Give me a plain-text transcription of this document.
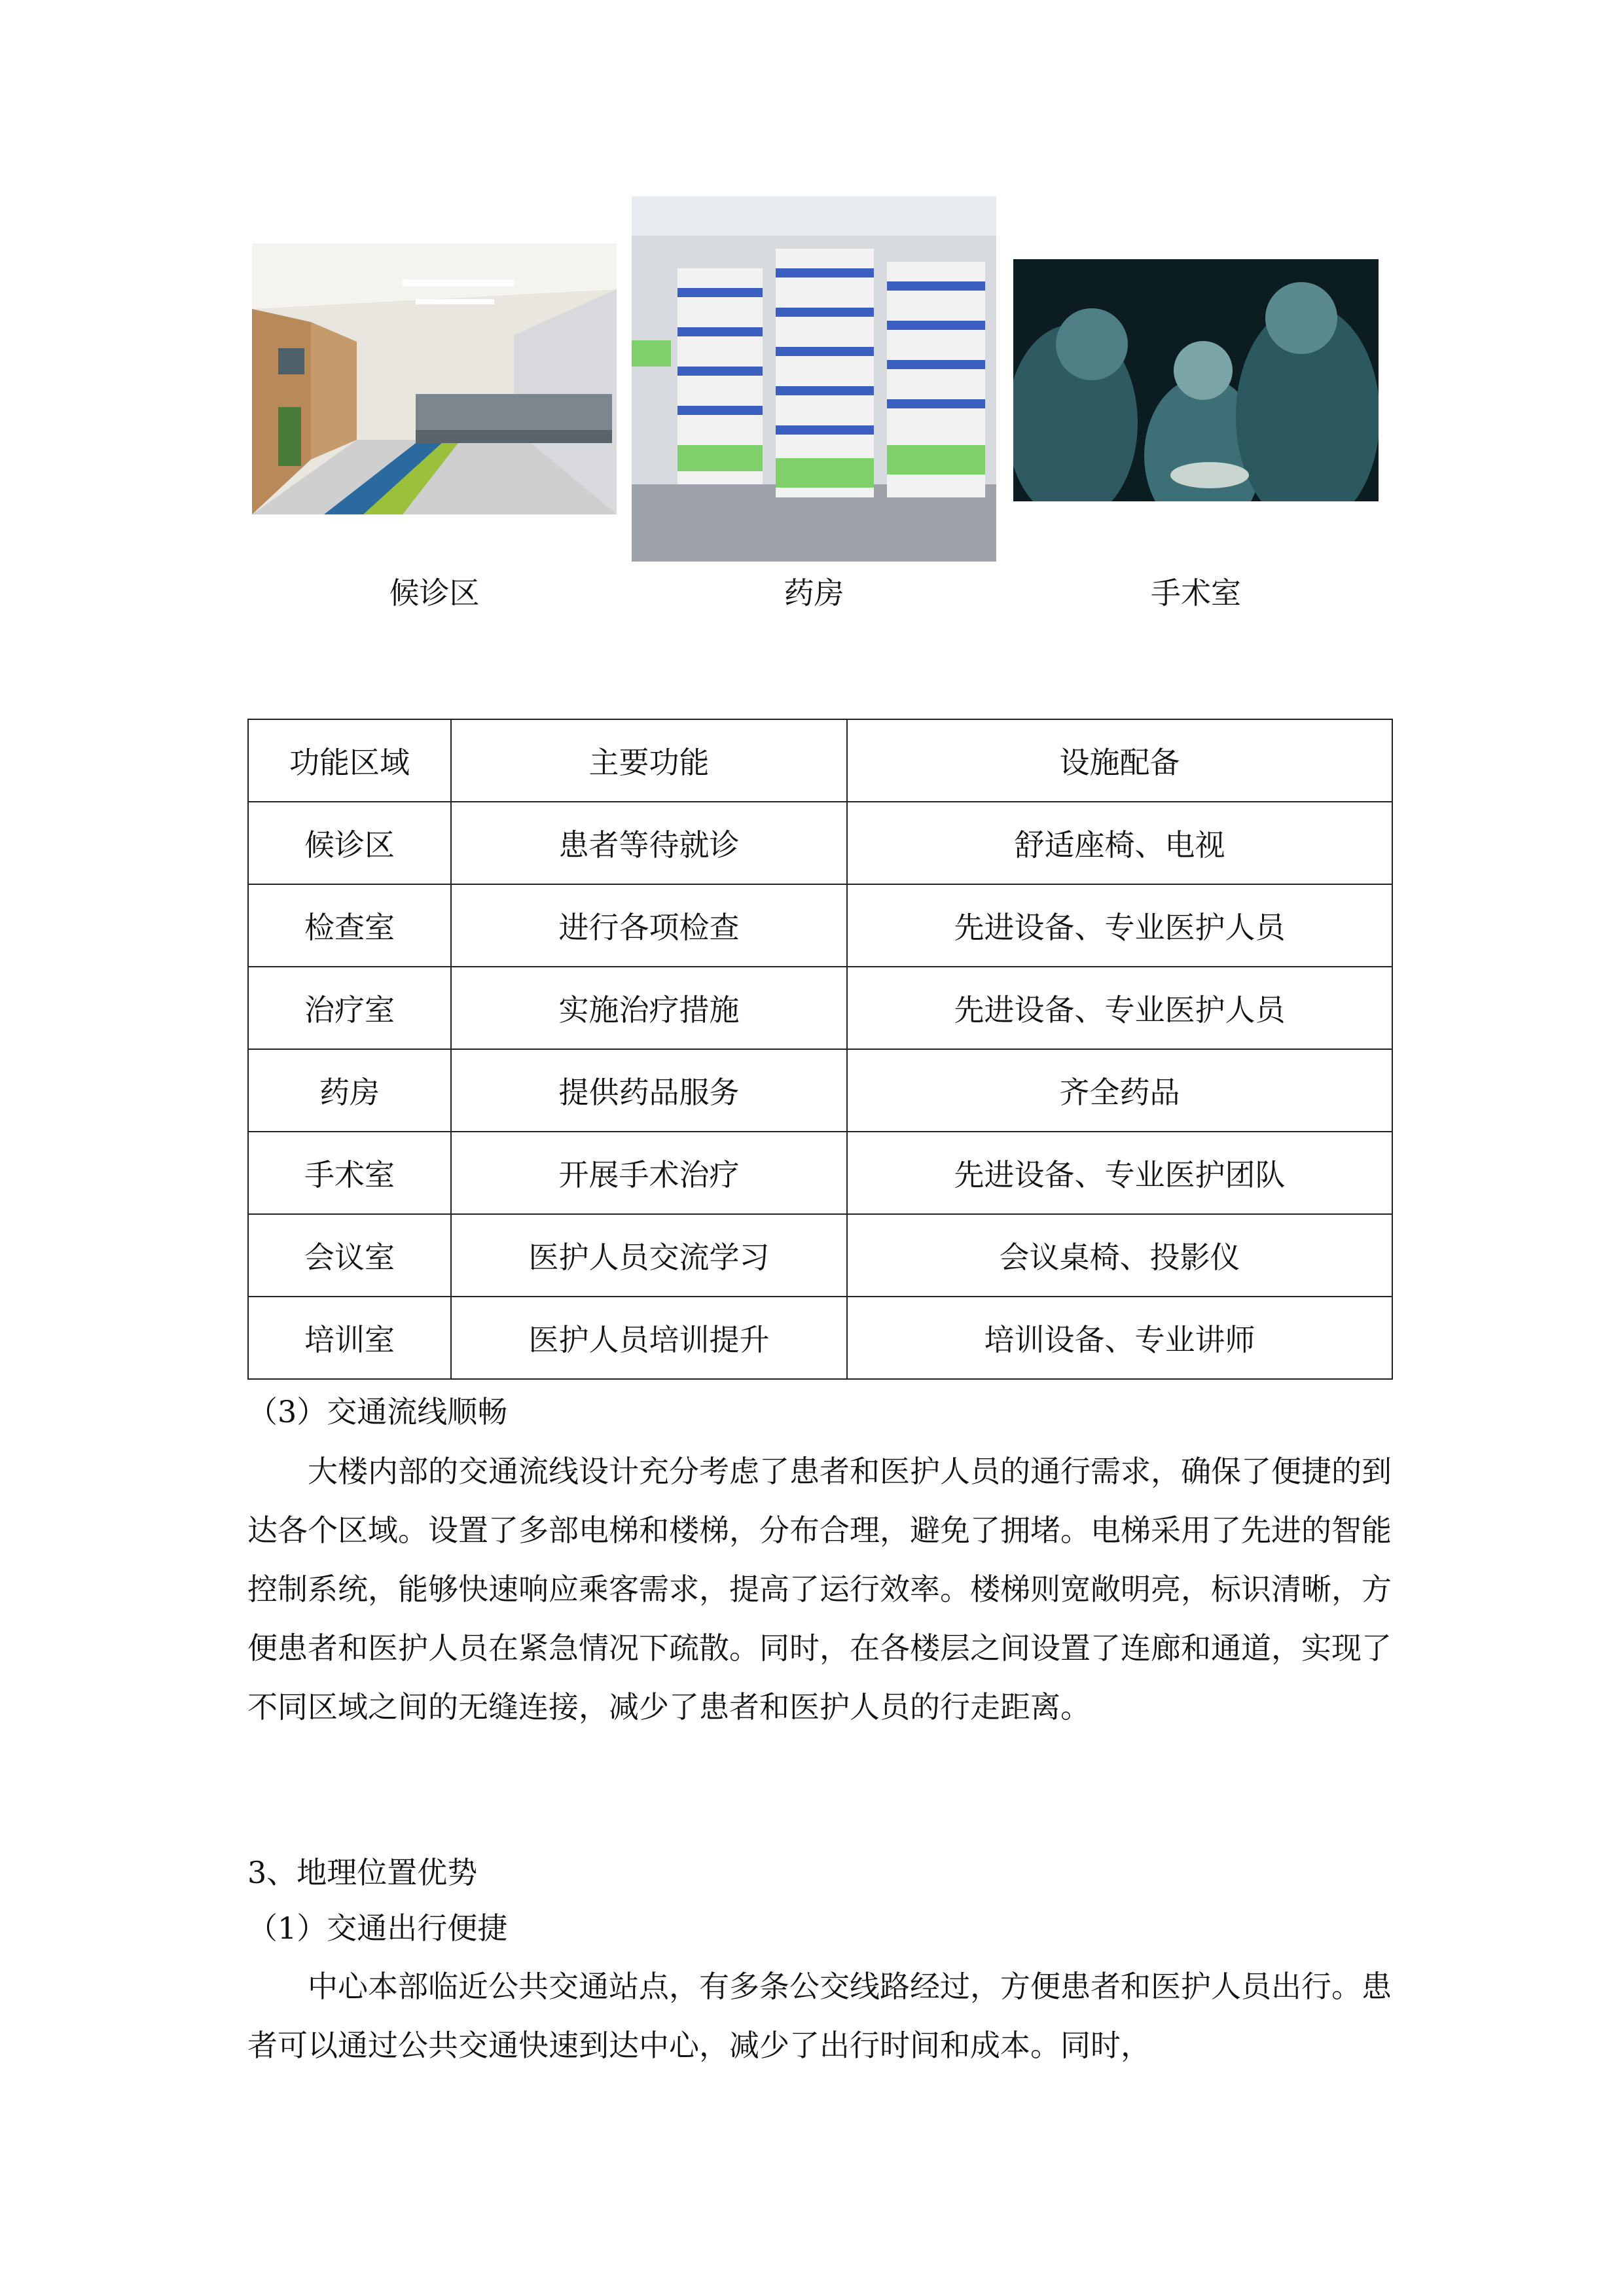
候诊区	药房	手术室
功能区域	主要功能	设施配备
候诊区	患者等待就诊	舒适座椅、电视
检查室	进行各项检查	先进设备、专业医护人员
治疗室	实施治疗措施	先进设备、专业医护人员
药房	提供药品服务	齐全药品
手术室	开展手术治疗	先进设备、专业医护团队
会议室	医护人员交流学习	会议桌椅、投影仪
培训室	医护人员培训提升	培训设备、专业讲师
（3）交通流线顺畅
大楼内部的交通流线设计充分考虑了患者和医护人员的通行需求，确保了便捷的到达各个区域。设置了多部电梯和楼梯，分布合理，避免了拥堵。电梯采用了先进的智能控制系统，能够快速响应乘客需求，提高了运行效率。楼梯则宽敞明亮，标识清晰，方便患者和医护人员在紧急情况下疏散。同时，在各楼层之间设置了连廊和通道，实现了不同区域之间的无缝连接，减少了患者和医护人员的行走距离。
3、地理位置优势
（1）交通出行便捷
中心本部临近公共交通站点，有多条公交线路经过，方便患者和医护人员出行。患者可以通过公共交通快速到达中心，减少了出行时间和成本。同时，
